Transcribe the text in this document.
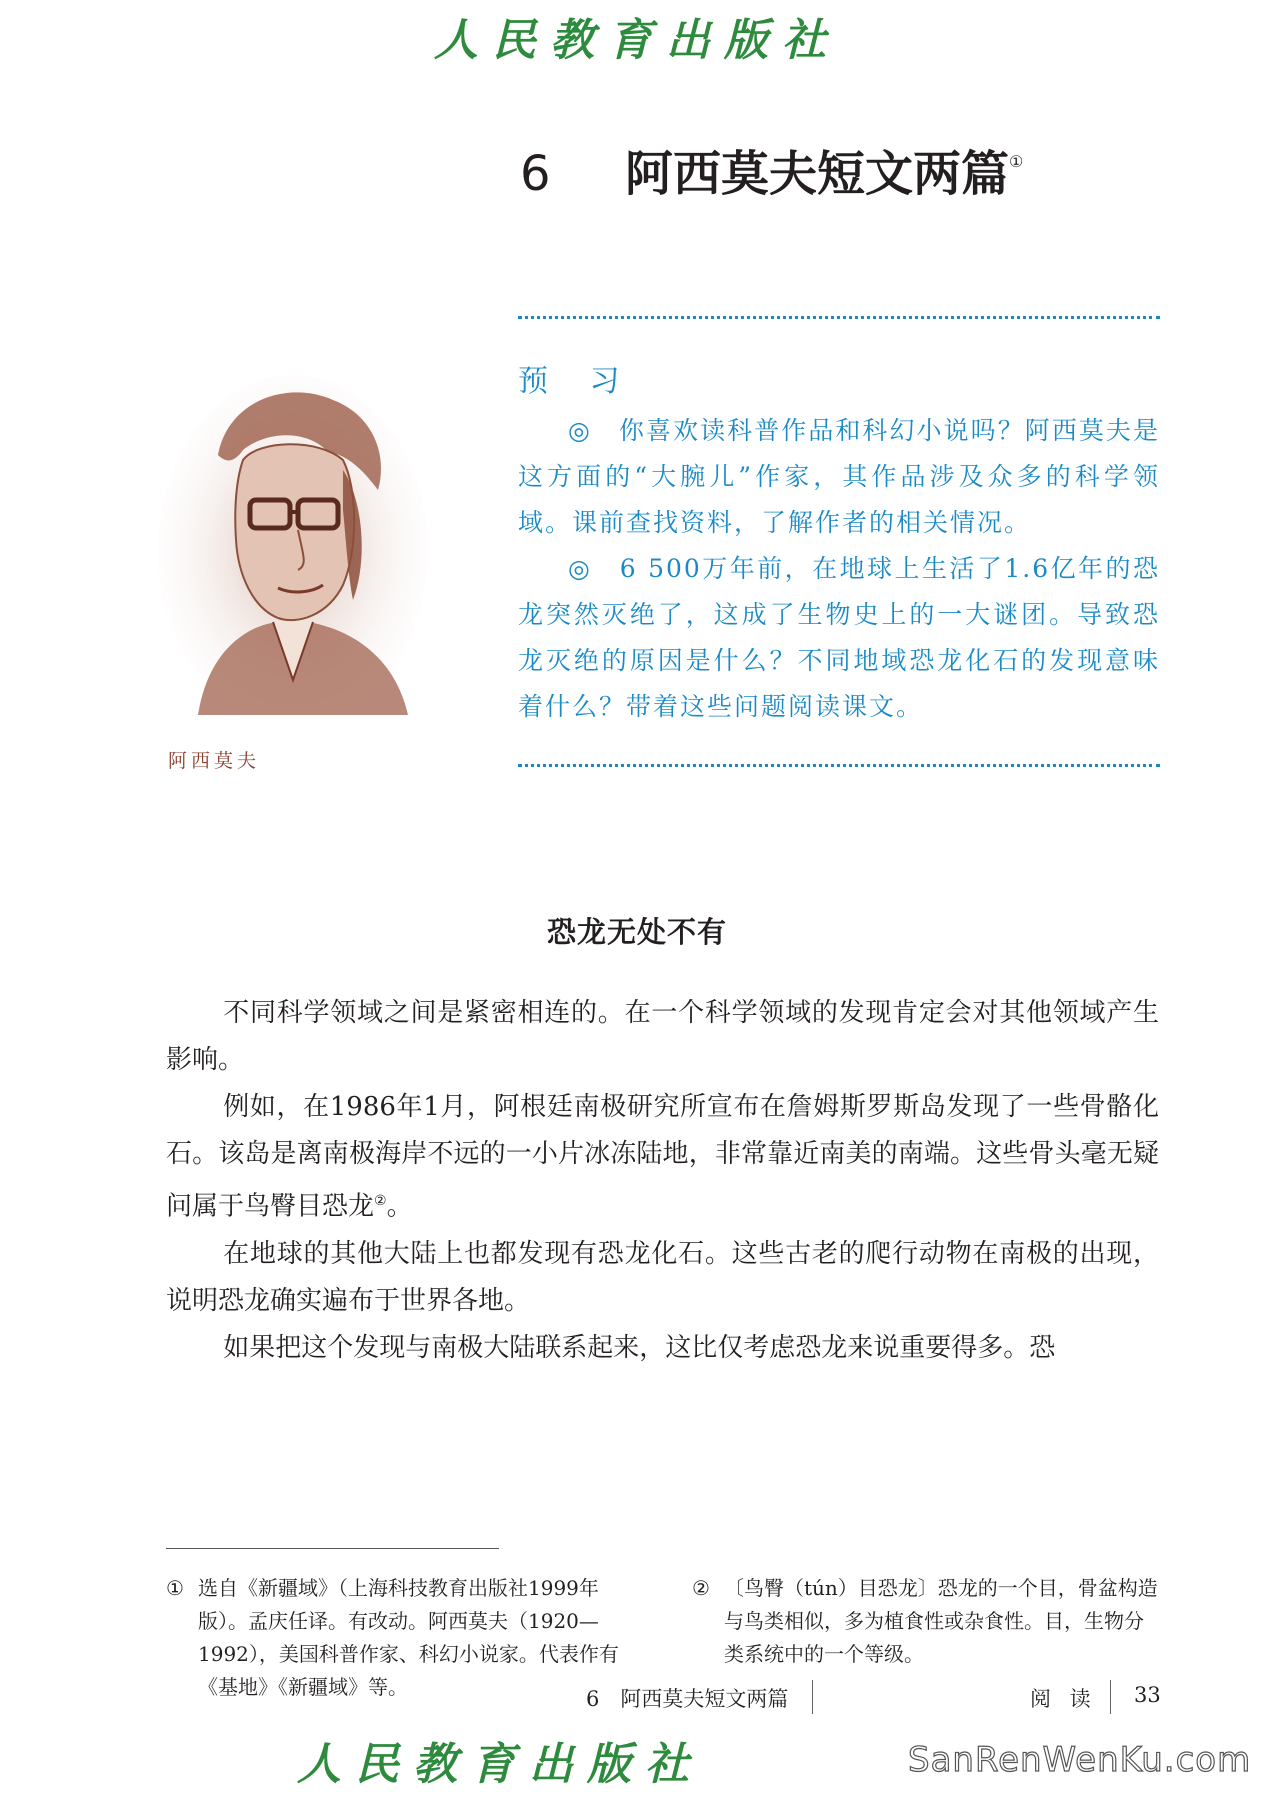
人民教育出版社
6 阿西莫夫短文两篇①
预 习

◎　你喜欢读科普作品和科幻小说吗？阿西莫夫是这方面的“大腕儿”作家，其作品涉及众多的科学领域。课前查找资料，了解作者的相关情况。

◎　6 500万年前，在地球上生活了1.6亿年的恐龙突然灭绝了，这成了生物史上的一大谜团。导致恐龙灭绝的原因是什么？不同地域恐龙化石的发现意味着什么？带着这些问题阅读课文。

阿西莫夫
恐龙无处不有

不同科学领域之间是紧密相连的。在一个科学领域的发现肯定会对其他领域产生影响。

例如，在1986年1月，阿根廷南极研究所宣布在詹姆斯罗斯岛发现了一些骨骼化石。该岛是离南极海岸不远的一小片冰冻陆地，非常靠近南美的南端。这些骨头毫无疑问属于鸟臀目恐龙②。

在地球的其他大陆上也都发现有恐龙化石。这些古老的爬行动物在南极的出现，说明恐龙确实遍布于世界各地。

如果把这个发现与南极大陆联系起来，这比仅考虑恐龙来说重要得多。恐

① 选自《新疆域》（上海科技教育出版社1999年版）。孟庆任译。有改动。阿西莫夫（1920—1992），美国科普作家、科幻小说家。代表作有《基地》《新疆域》等。
② 〔鸟臀（tún）目恐龙〕恐龙的一个目，骨盆构造与鸟类相似，多为植食性或杂食性。目，生物分类系统中的一个等级。
6　阿西莫夫短文两篇	阅 读 33
人民教育出版社	SanRenWenKu.com
